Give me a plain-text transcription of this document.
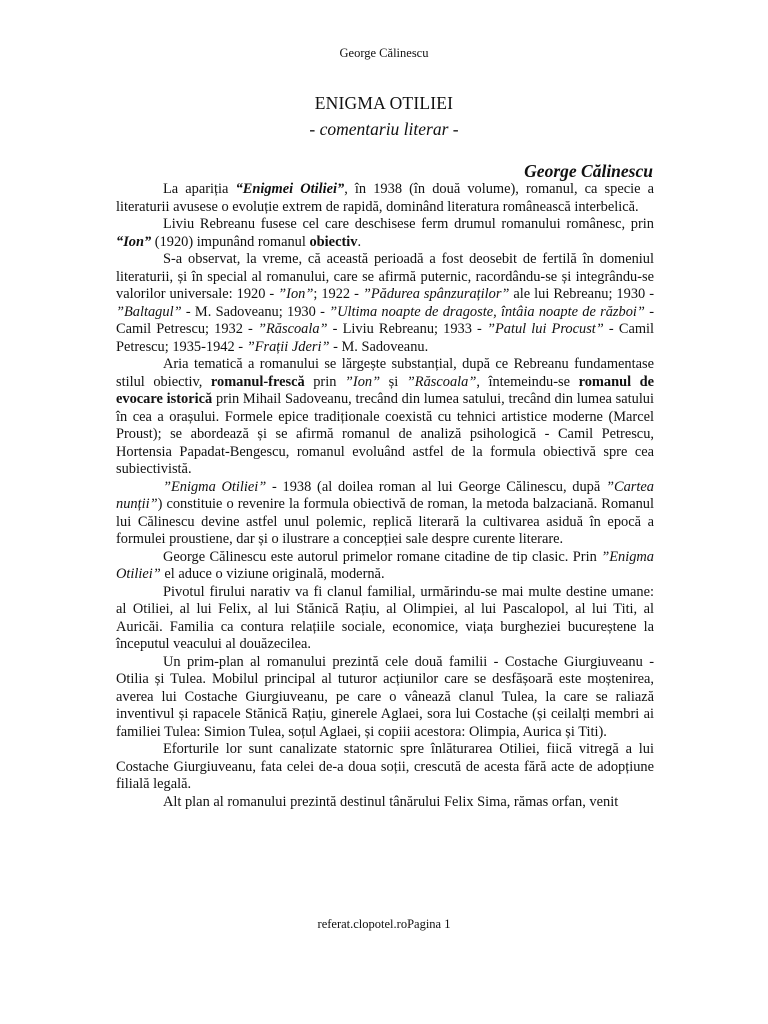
George Călinescu
ENIGMA OTILIEI
- comentariu literar -
George Călinescu

La apariția “Enigmei Otiliei”, în 1938 (în două volume), romanul, ca specie a literaturii avusese o evoluție extrem de rapidă, dominând literatura românească interbelică.

Liviu Rebreanu fusese cel care deschisese ferm drumul romanului românesc, prin “Ion” (1920) impunând romanul obiectiv.

S-a observat, la vreme, că această perioadă a fost deosebit de fertilă în domeniul literaturii, și în special al romanului, care se afirmă puternic, racordându-se și integrându-se valorilor universale: 1920 - ”Ion”; 1922 - ”Pădurea spânzuraților” ale lui Rebreanu; 1930 - ”Baltagul” - M. Sadoveanu; 1930 - ”Ultima noapte de dragoste, întâia noapte de război” - Camil Petrescu; 1932 - ”Răscoala” - Liviu Rebreanu; 1933 - ”Patul lui Procust” - Camil Petrescu; 1935-1942 - ”Frații Jderi” - M. Sadoveanu.

Aria tematică a romanului se lărgește substanțial, după ce Rebreanu fundamentase stilul obiectiv, romanul-frescă prin ”Ion” și ”Răscoala”, întemeindu-se romanul de evocare istorică prin Mihail Sadoveanu, trecând din lumea satului, trecând din lumea satului în cea a orașului. Formele epice tradiționale coexistă cu tehnici artistice moderne (Marcel Proust); se abordează și se afirmă romanul de analiză psihologică - Camil Petrescu, Hortensia Papadat-Bengescu, romanul evoluând astfel de la formula obiectivă spre cea subiectivistă.

”Enigma Otiliei” - 1938 (al doilea roman al lui George Călinescu, după ”Cartea nunții”) constituie o revenire la formula obiectivă de roman, la metoda balzaciană. Romanul lui Călinescu devine astfel unul polemic, replică literară la cultivarea asiduă în epocă a formulei proustiene, dar și o ilustrare a concepției sale despre curente literare.

George Călinescu este autorul primelor romane citadine de tip clasic. Prin ”Enigma Otiliei” el aduce o viziune originală, modernă.

Pivotul firului narativ va fi clanul familial, urmărindu-se mai multe destine umane: al Otiliei, al lui Felix, al lui Stănică Rațiu, al Olimpiei, al lui Pascalopol, al lui Titi, al Auricăi. Familia ca contura relațiile sociale, economice, viața burgheziei bucureștene la începutul veacului al douăzecilea.

Un prim-plan al romanului prezintă cele două familii - Costache Giurgiuveanu - Otilia și Tulea. Mobilul principal al tuturor acțiunilor care se desfășoară este moștenirea, averea lui Costache Giurgiuveanu, pe care o vânează clanul Tulea, la care se raliază inventivul și rapacele Stănică Rațiu, ginerele Aglaei, sora lui Costache (și ceilalți membri ai familiei Tulea: Simion Tulea, soțul Aglaei, și copiii acestora: Olimpia, Aurica și Titi).

Eforturile lor sunt canalizate statornic spre înlăturarea Otiliei, fiică vitregă a lui Costache Giurgiuveanu, fata celei de-a doua soții, crescută de acesta fără acte de adopțiune filială legală.

Alt plan al romanului prezintă destinul tânărului Felix Sima, rămas orfan, venit

referat.clopotel.roPagina 1
